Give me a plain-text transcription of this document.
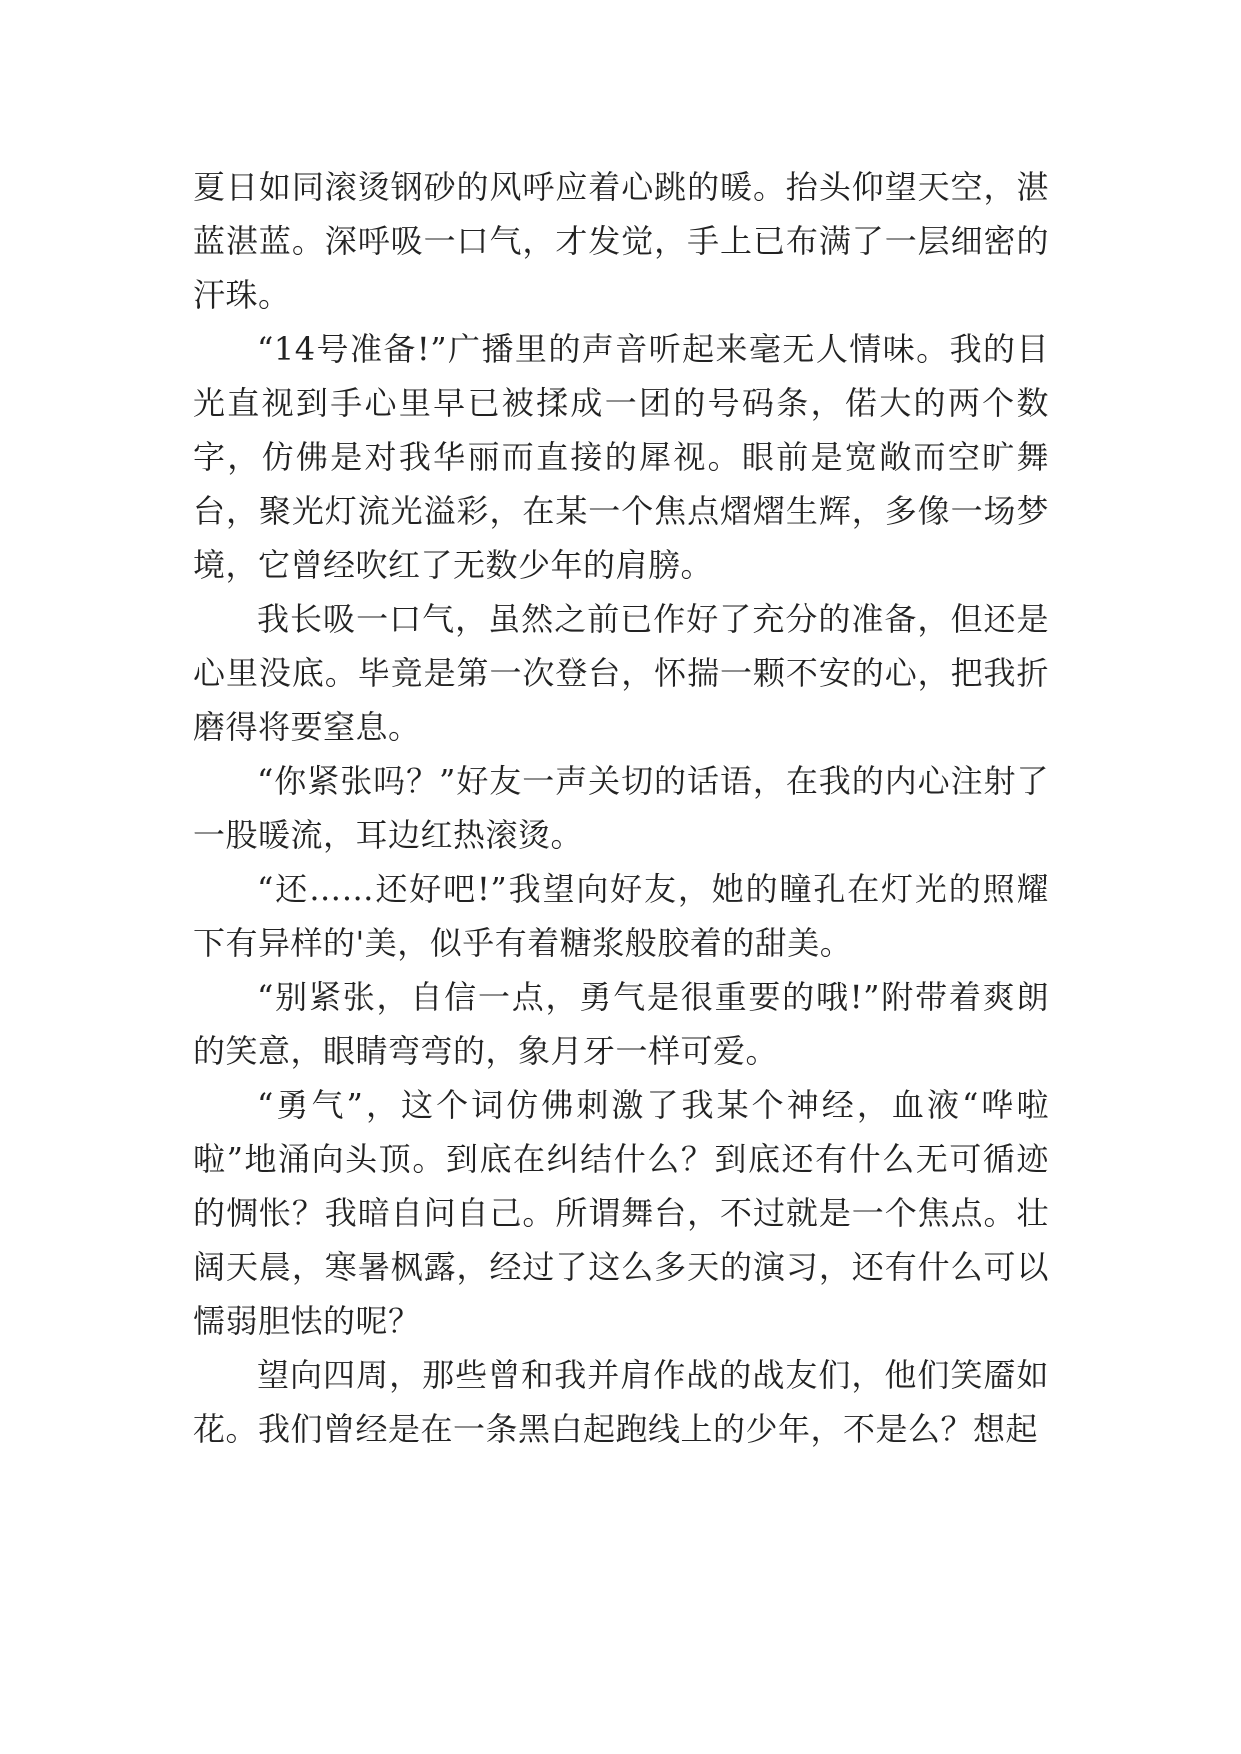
夏日如同滚烫钢砂的风呼应着心跳的暖。抬头仰望天空，湛蓝湛蓝。深呼吸一口气，才发觉，手上已布满了一层细密的汗珠。

“14号准备!”广播里的声音听起来毫无人情味。我的目光直视到手心里早已被揉成一团的号码条，偌大的两个数字，仿佛是对我华丽而直接的犀视。眼前是宽敞而空旷舞台，聚光灯流光溢彩，在某一个焦点熠熠生辉，多像一场梦境，它曾经吹红了无数少年的肩膀。

我长吸一口气，虽然之前已作好了充分的准备，但还是心里没底。毕竟是第一次登台，怀揣一颗不安的心，把我折磨得将要窒息。

“你紧张吗？”好友一声关切的话语，在我的内心注射了一股暖流，耳边红热滚烫。

“还……还好吧!”我望向好友，她的瞳孔在灯光的照耀下有异样的'美，似乎有着糖浆般胶着的甜美。

“别紧张，自信一点，勇气是很重要的哦!”附带着爽朗的笑意，眼睛弯弯的，象月牙一样可爱。

“勇气”，这个词仿佛刺激了我某个神经，血液“哗啦啦”地涌向头顶。到底在纠结什么？到底还有什么无可循迹的惆怅？我暗自问自己。所谓舞台，不过就是一个焦点。壮阔天晨，寒暑枫露，经过了这么多天的演习，还有什么可以懦弱胆怯的呢？

望向四周，那些曾和我并肩作战的战友们，他们笑靥如花。我们曾经是在一条黑白起跑线上的少年，不是么？想起
